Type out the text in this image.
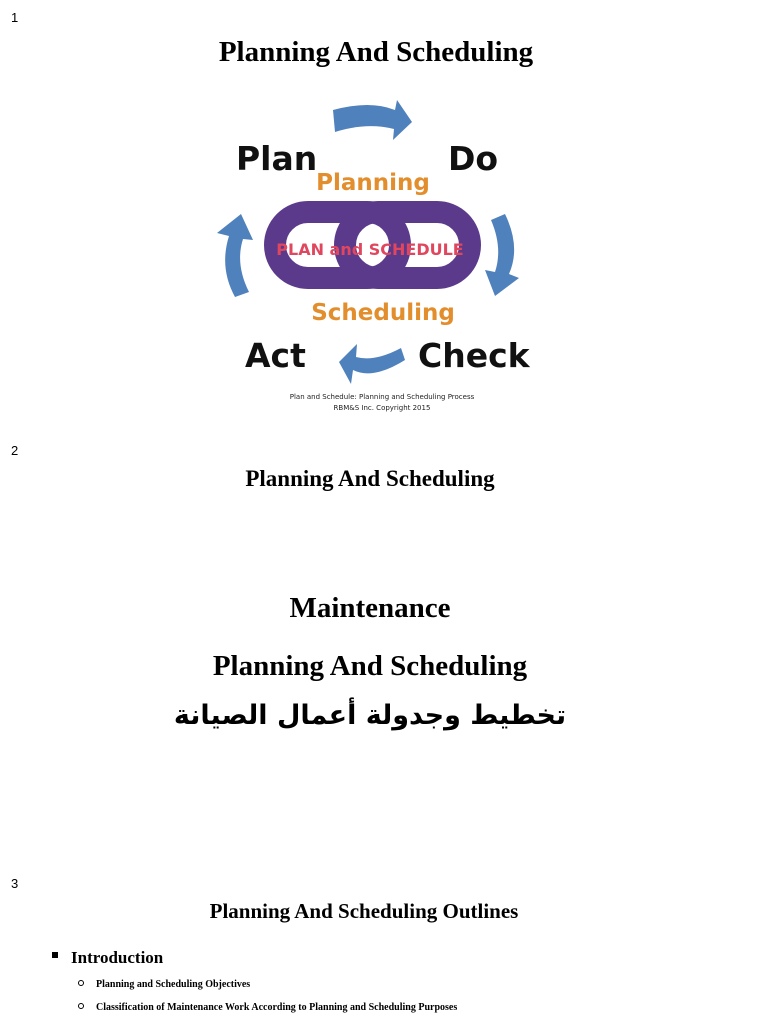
1
Planning And Scheduling
Plan	Do
Act	Check
Planning
PLAN and SCHEDULE
Scheduling
Plan and Schedule: Planning and Scheduling Process
RBM&S Inc. Copyright 2015
2
Planning And Scheduling
Maintenance
Planning And Scheduling
تخطيط وجدولة أعمال الصيانة
3
Planning And Scheduling Outlines
Introduction
Planning and Scheduling Objectives
Classification of Maintenance Work According to Planning and Scheduling Purposes
